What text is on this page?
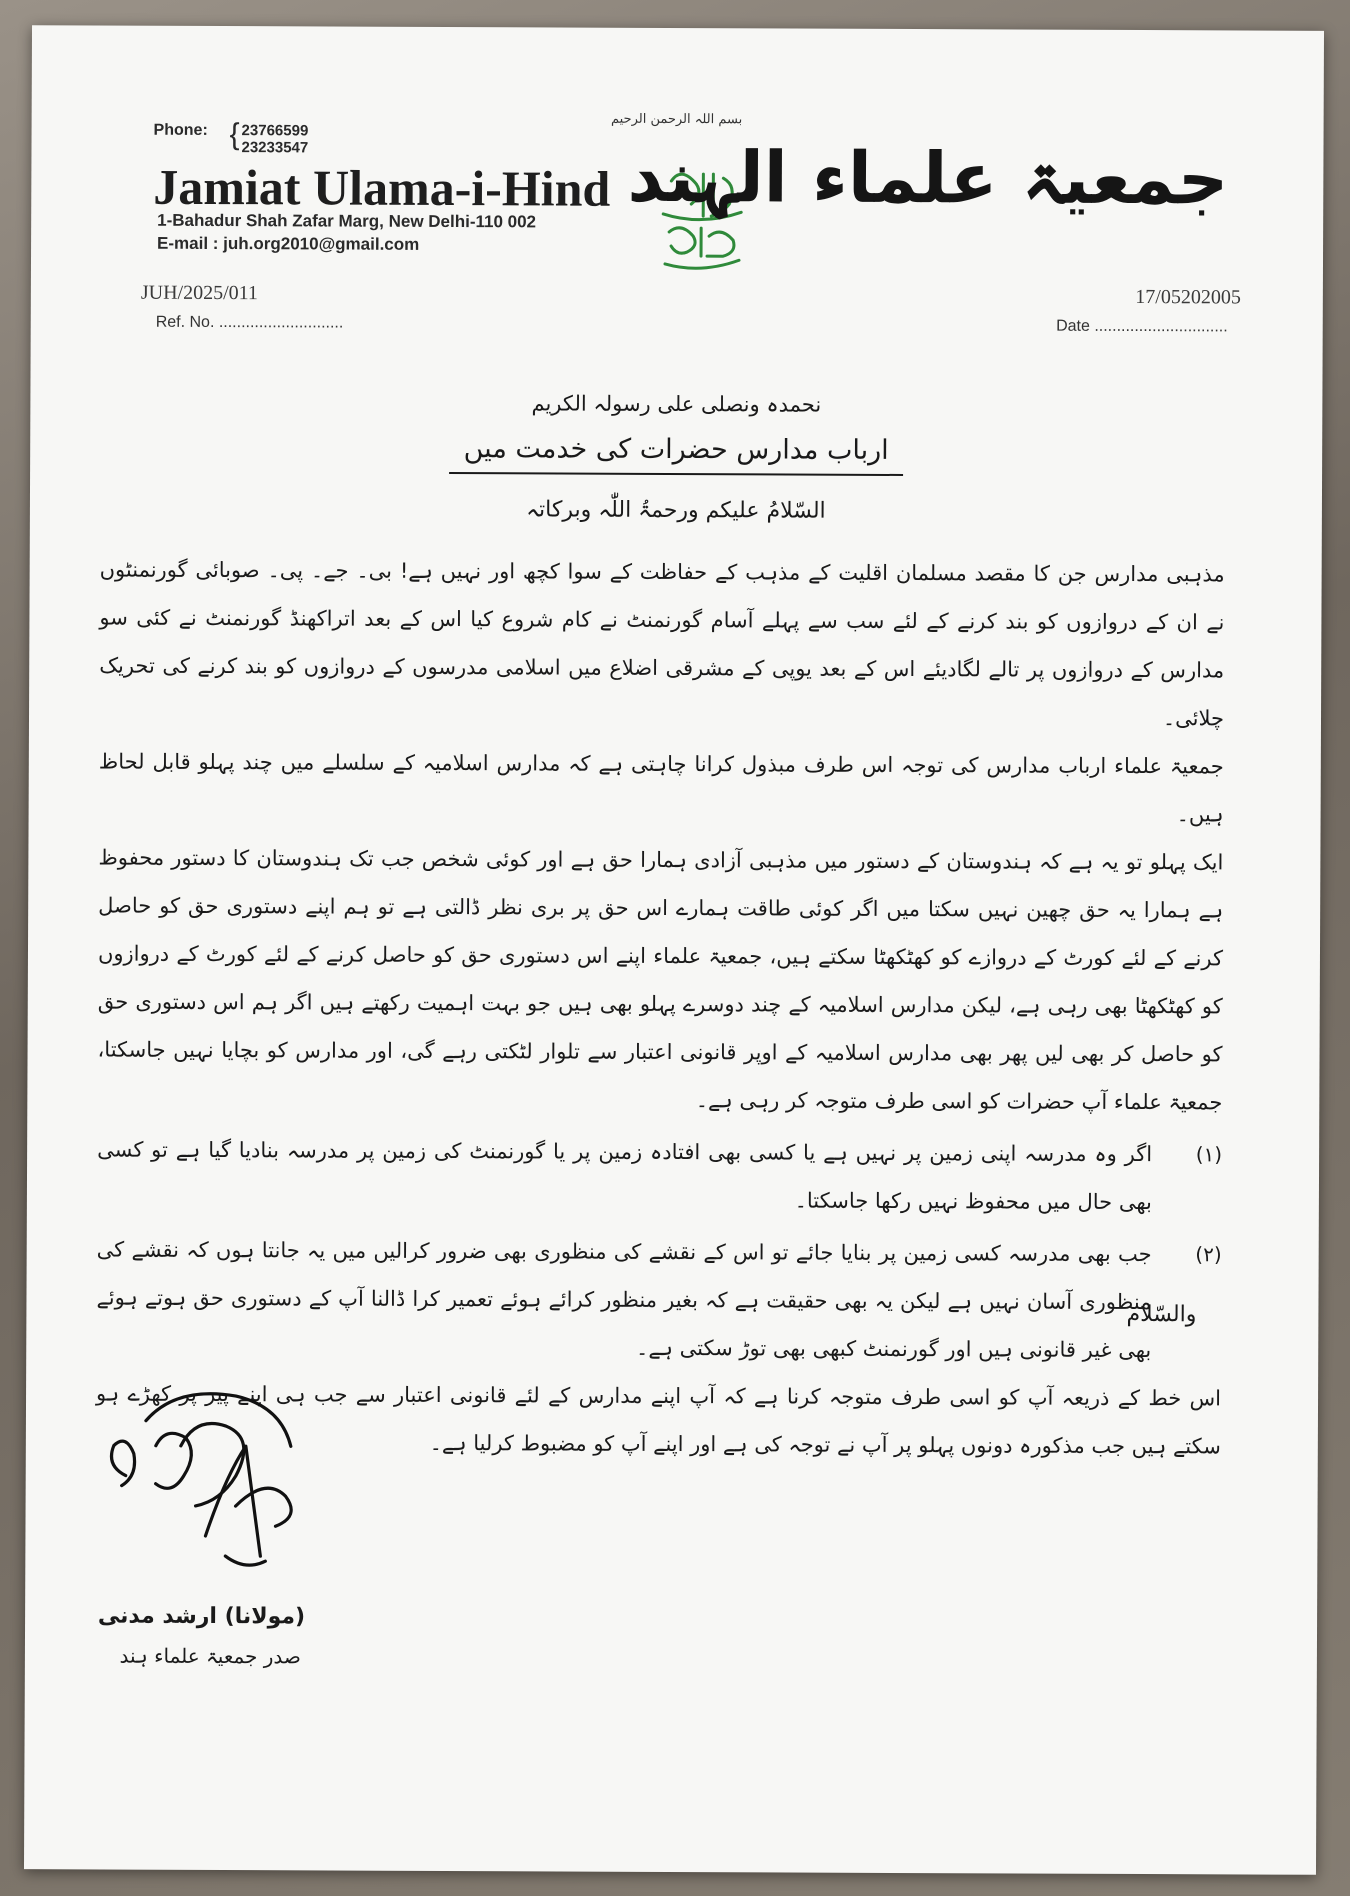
Phone: { 23766599
23233547
Jamiat Ulama-i-Hind
1-Bahadur Shah Zafar Marg, New Delhi-110 002
E-mail : juh.org2010@gmail.com
بسم اللہ الرحمن الرحیم
جمعیۃ علماء الہند
JUH/2025/011	17/05202005
Ref. No. ............................	Date ..............................
نحمدہ ونصلی علی رسولہ الکریم
ارباب مدارس حضرات کی خدمت میں
السّلامُ علیکم ورحمۃُ اللّٰہ وبرکاتہ

مذہبی مدارس جن کا مقصد مسلمان اقلیت کے مذہب کے حفاظت کے سوا کچھ اور نہیں ہے! بی۔ جے۔ پی۔ صوبائی گورنمنٹوں نے ان کے دروازوں کو بند کرنے کے لئے سب سے پہلے آسام گورنمنٹ نے کام شروع کیا اس کے بعد اتراکھنڈ گورنمنٹ نے کئی سو مدارس کے دروازوں پر تالے لگادیئے اس کے بعد یوپی کے مشرقی اضلاع میں اسلامی مدرسوں کے دروازوں کو بند کرنے کی تحریک چلائی۔

جمعیۃ علماء ارباب مدارس کی توجہ اس طرف مبذول کرانا چاہتی ہے کہ مدارس اسلامیہ کے سلسلے میں چند پہلو قابل لحاظ ہیں۔

ایک پہلو تو یہ ہے کہ ہندوستان کے دستور میں مذہبی آزادی ہمارا حق ہے اور کوئی شخص جب تک ہندوستان کا دستور محفوظ ہے ہمارا یہ حق چھین نہیں سکتا میں اگر کوئی طاقت ہمارے اس حق پر بری نظر ڈالتی ہے تو ہم اپنے دستوری حق کو حاصل کرنے کے لئے کورٹ کے دروازے کو کھٹکھٹا سکتے ہیں، جمعیۃ علماء اپنے اس دستوری حق کو حاصل کرنے کے لئے کورٹ کے دروازوں کو کھٹکھٹا بھی رہی ہے، لیکن مدارس اسلامیہ کے چند دوسرے پہلو بھی ہیں جو بہت اہمیت رکھتے ہیں اگر ہم اس دستوری حق کو حاصل کر بھی لیں پھر بھی مدارس اسلامیہ کے اوپر قانونی اعتبار سے تلوار لٹکتی رہے گی، اور مدارس کو بچایا نہیں جاسکتا، جمعیۃ علماء آپ حضرات کو اسی طرف متوجہ کر رہی ہے۔

(۱)
اگر وہ مدرسہ اپنی زمین پر نہیں ہے یا کسی بھی افتادہ زمین پر یا گورنمنٹ کی زمین پر مدرسہ بنادیا گیا ہے تو کسی بھی حال میں محفوظ نہیں رکھا جاسکتا۔
(۲)
جب بھی مدرسہ کسی زمین پر بنایا جائے تو اس کے نقشے کی منظوری بھی ضرور کرالیں میں یہ جانتا ہوں کہ نقشے کی منظوری آسان نہیں ہے لیکن یہ بھی حقیقت ہے کہ بغیر منظور کرائے ہوئے تعمیر کرا ڈالنا آپ کے دستوری حق ہوتے ہوئے بھی غیر قانونی ہیں اور گورنمنٹ کبھی بھی توڑ سکتی ہے۔

اس خط کے ذریعہ آپ کو اسی طرف متوجہ کرنا ہے کہ آپ اپنے مدارس کے لئے قانونی اعتبار سے جب ہی اپنے پیر پر کھڑے ہو سکتے ہیں جب مذکورہ دونوں پہلو پر آپ نے توجہ کی ہے اور اپنے آپ کو مضبوط کرلیا ہے۔

والسّلام
(مولانا) ارشد مدنی
صدر جمعیۃ علماء ہند
